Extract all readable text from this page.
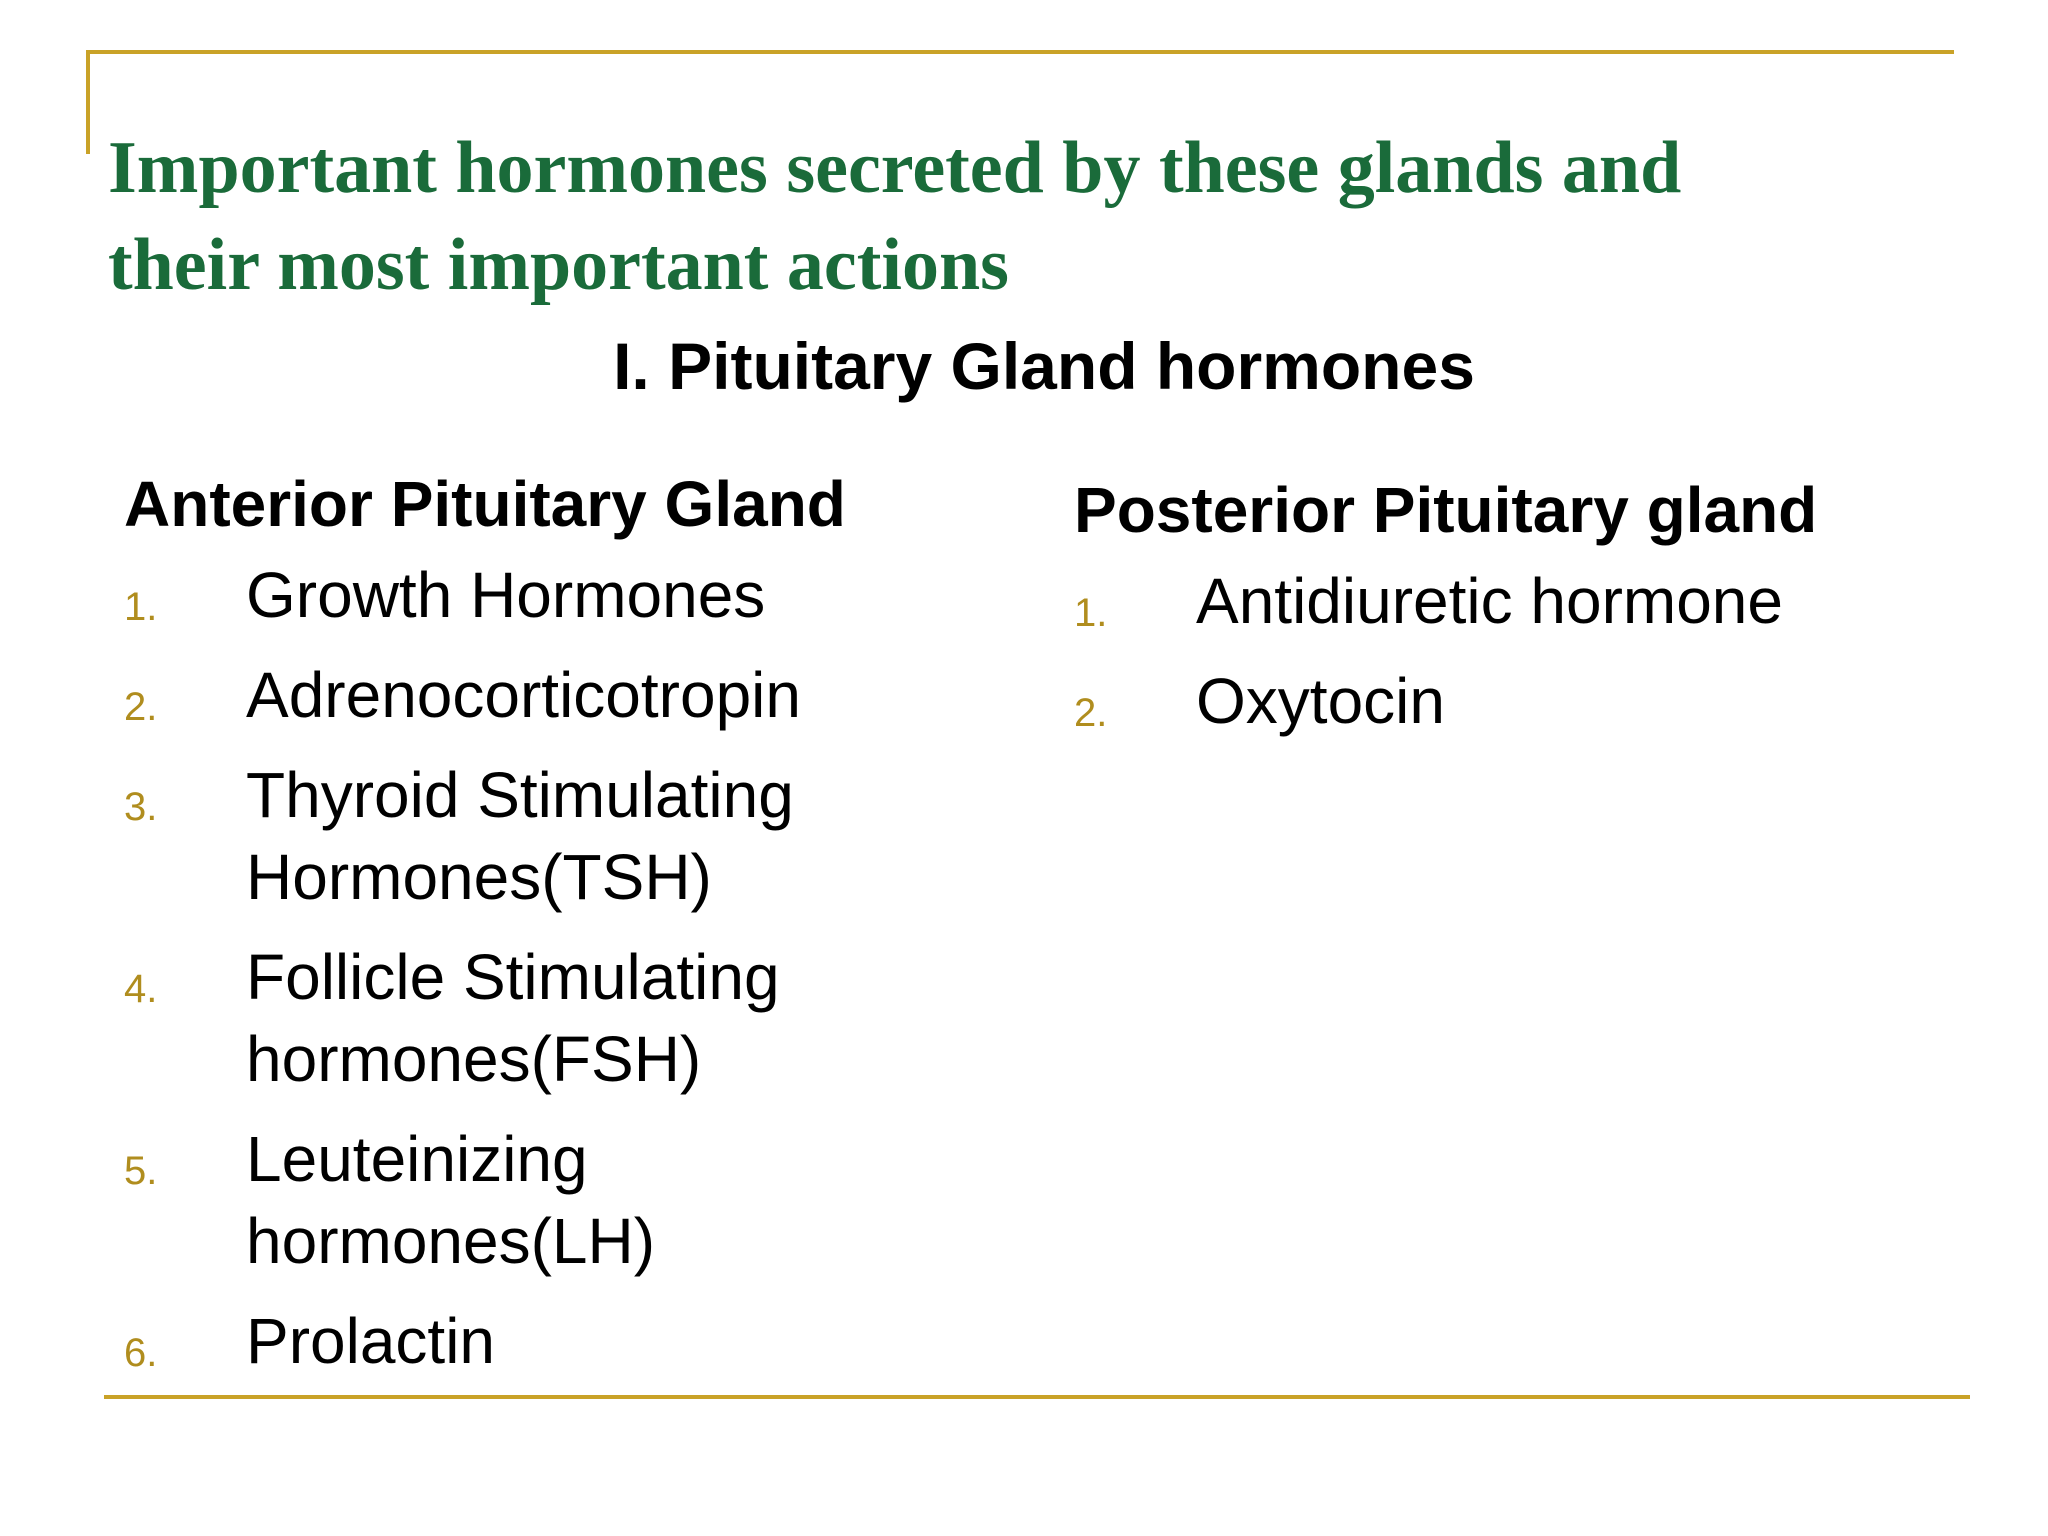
Important hormones secreted by these glands and
their most important actions
I. Pituitary Gland hormones
Anterior Pituitary Gland
1. Growth Hormones
2. Adrenocorticotropin
3. Thyroid Stimulating
Hormones(TSH)
4. Follicle Stimulating
hormones(FSH)
5. Leuteinizing
hormones(LH)
6. Prolactin
Posterior Pituitary gland
1. Antidiuretic hormone
2. Oxytocin
